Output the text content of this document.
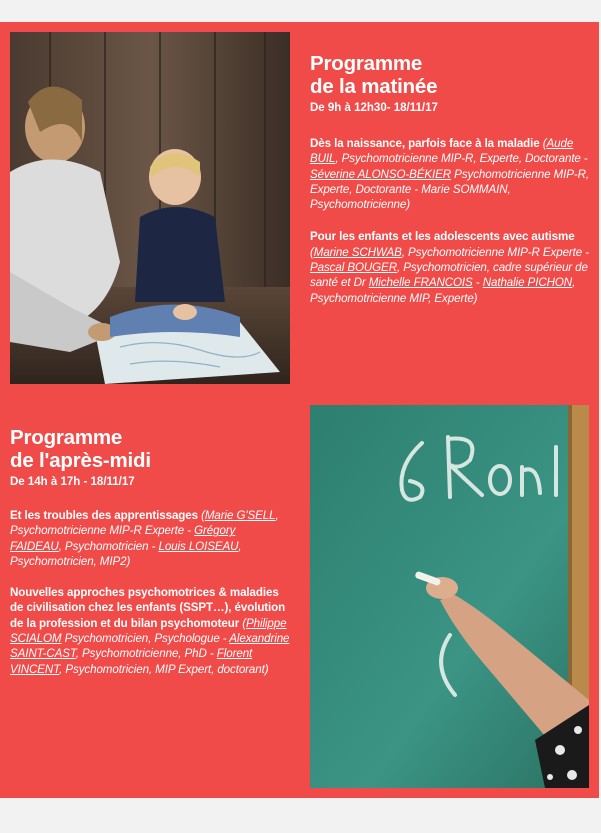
Programme
de la matinée

De 9h à 12h30- 18/11/17

Dès la naissance, parfois face à la maladie (Aude BUIL, Psychomotricienne MIP-R, Experte, Doctorante - Séverine ALONSO-BÉKIER Psychomotricienne MIP-R, Experte, Doctorante - Marie SOMMAIN, Psychomotricienne)

Pour les enfants et les adolescents avec autisme (Marine SCHWAB, Psychomotricienne MIP-R Experte - Pascal BOUGER, Psychomotricien, cadre supérieur de santé et Dr Michelle FRANCOIS - Nathalie PICHON, Psychomotricienne MIP, Experte)

Programme
de l'après-midi

De 14h à 17h - 18/11/17

Et les troubles des apprentissages (Marie G'SELL, Psychomotricienne MIP-R Experte - Grégory FAIDEAU, Psychomotricien - Louis LOISEAU, Psychomotricien, MIP2)

Nouvelles approches psychomotrices & maladies de civilisation chez les enfants (SSPT…), évolution de la profession et du bilan psychomoteur (Philippe SCIALOM Psychomotricien, Psychologue - Alexandrine SAINT-CAST, Psychomotricienne, PhD - Florent VINCENT, Psychomotricien, MIP Expert, doctorant)
